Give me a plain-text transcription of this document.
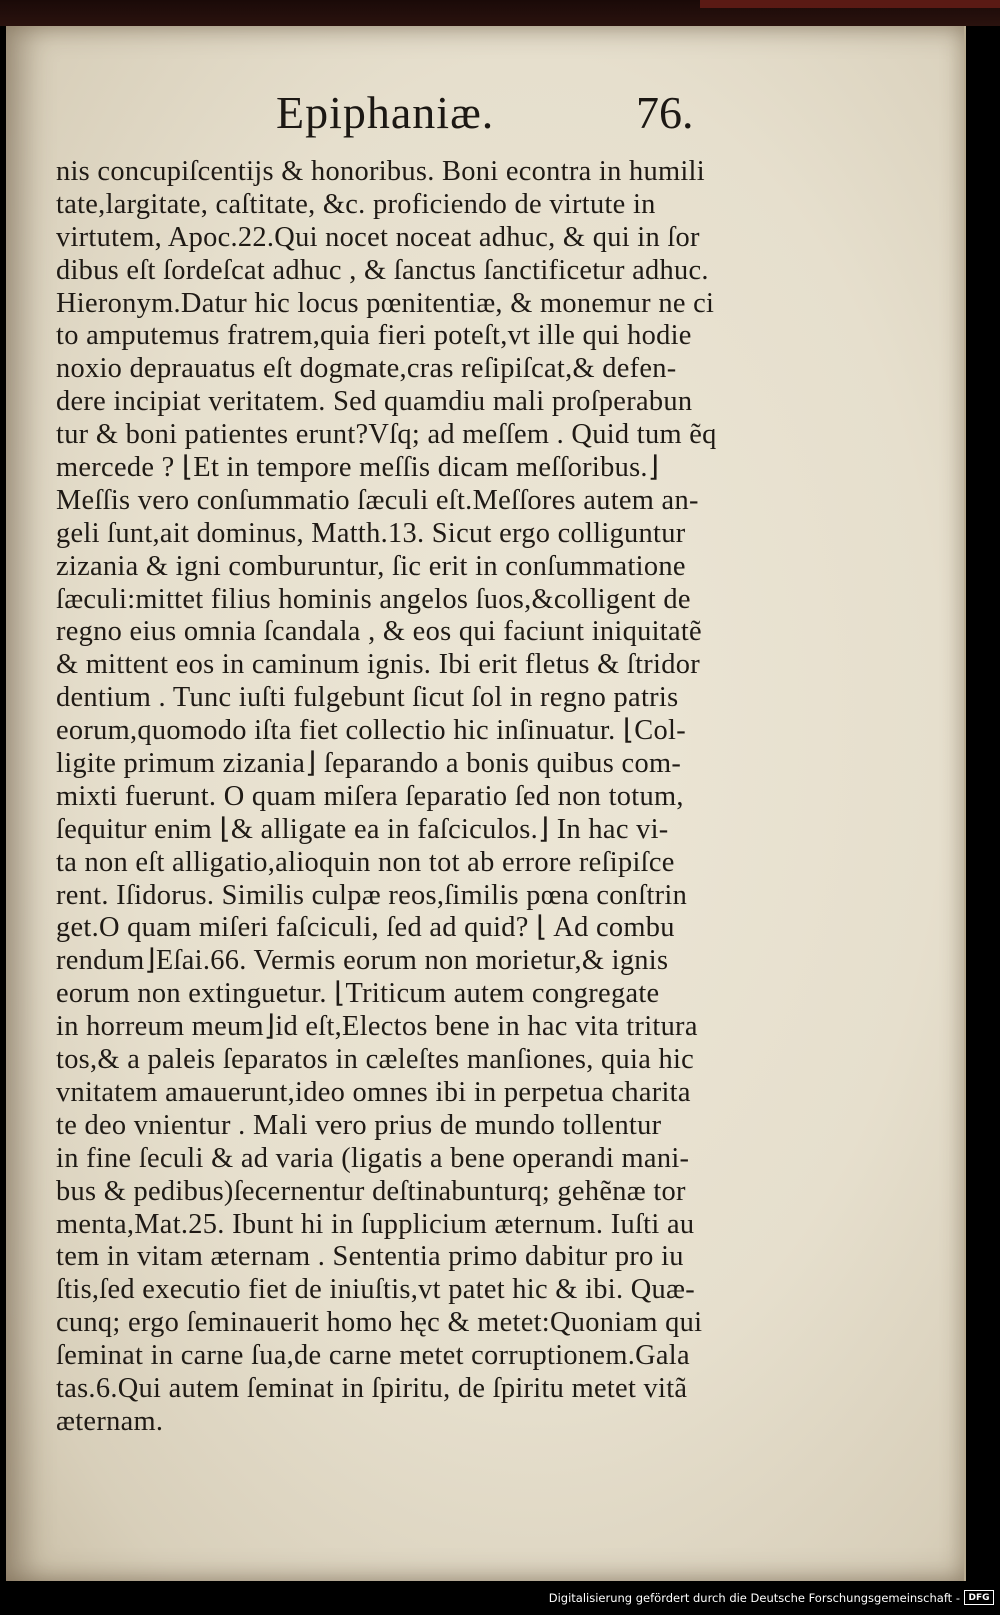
Epiphaniæ.	76.
nis concupiſcentijs & honoribus. Boni econtra in humili
tate,largitate, caſtitate, &c. proficiendo de virtute in
virtutem, Apoc.22.Qui nocet noceat adhuc, & qui in ſor
dibus eſt ſordeſcat adhuc , & ſanctus ſanctificetur adhuc.
Hieronym.Datur hic locus pœnitentiæ, & monemur ne ci
to amputemus fratrem,quia fieri poteſt,vt ille qui hodie
noxio deprauatus eſt dogmate,cras reſipiſcat,& defen-
dere incipiat veritatem. Sed quamdiu mali proſperabun
tur & boni patientes erunt?Vſq; ad meſſem . Quid tum ẽq
mercede ? ⌊Et in tempore meſſis dicam meſſoribus.⌋
Meſſis vero conſummatio ſæculi eſt.Meſſores autem an-
geli ſunt,ait dominus, Matth.13. Sicut ergo colliguntur
zizania & igni comburuntur, ſic erit in conſummatione
ſæculi:mittet filius hominis angelos ſuos,&colligent de
regno eius omnia ſcandala , & eos qui faciunt iniquitatẽ
& mittent eos in caminum ignis. Ibi erit fletus & ſtridor
dentium . Tunc iuſti fulgebunt ſicut ſol in regno patris
eorum,quomodo iſta fiet collectio hic inſinuatur. ⌊Col-
ligite primum zizania⌋ ſeparando a bonis quibus com-
mixti fuerunt. O quam miſera ſeparatio ſed non totum,
ſequitur enim ⌊& alligate ea in faſciculos.⌋ In hac vi-
ta non eſt alligatio,alioquin non tot ab errore reſipiſce
rent. Iſidorus. Similis culpæ reos,ſimilis pœna conſtrin
get.O quam miſeri faſciculi, ſed ad quid? ⌊ Ad combu
rendum⌋Eſai.66. Vermis eorum non morietur,& ignis
eorum non extinguetur. ⌊Triticum autem congregate
in horreum meum⌋id eſt,Electos bene in hac vita tritura
tos,& a paleis ſeparatos in cæleſtes manſiones, quia hic
vnitatem amauerunt,ideo omnes ibi in perpetua charita
te deo vnientur . Mali vero prius de mundo tollentur
in fine ſeculi & ad varia (ligatis a bene operandi mani-
bus & pedibus)ſecernentur deſtinabunturq; gehẽnæ tor
menta,Mat.25. Ibunt hi in ſupplicium æternum. Iuſti au
tem in vitam æternam . Sententia primo dabitur pro iu
ſtis,ſed executio fiet de iniuſtis,vt patet hic & ibi. Quæ-
cunq; ergo ſeminauerit homo hęc & metet:Quoniam qui
ſeminat in carne ſua,de carne metet corruptionem.Gala
tas.6.Qui autem ſeminat in ſpiritu, de ſpiritu metet vitã
æternam.
Digitalisierung gefördert durch die Deutsche Forschungsgemeinschaft - DFG
